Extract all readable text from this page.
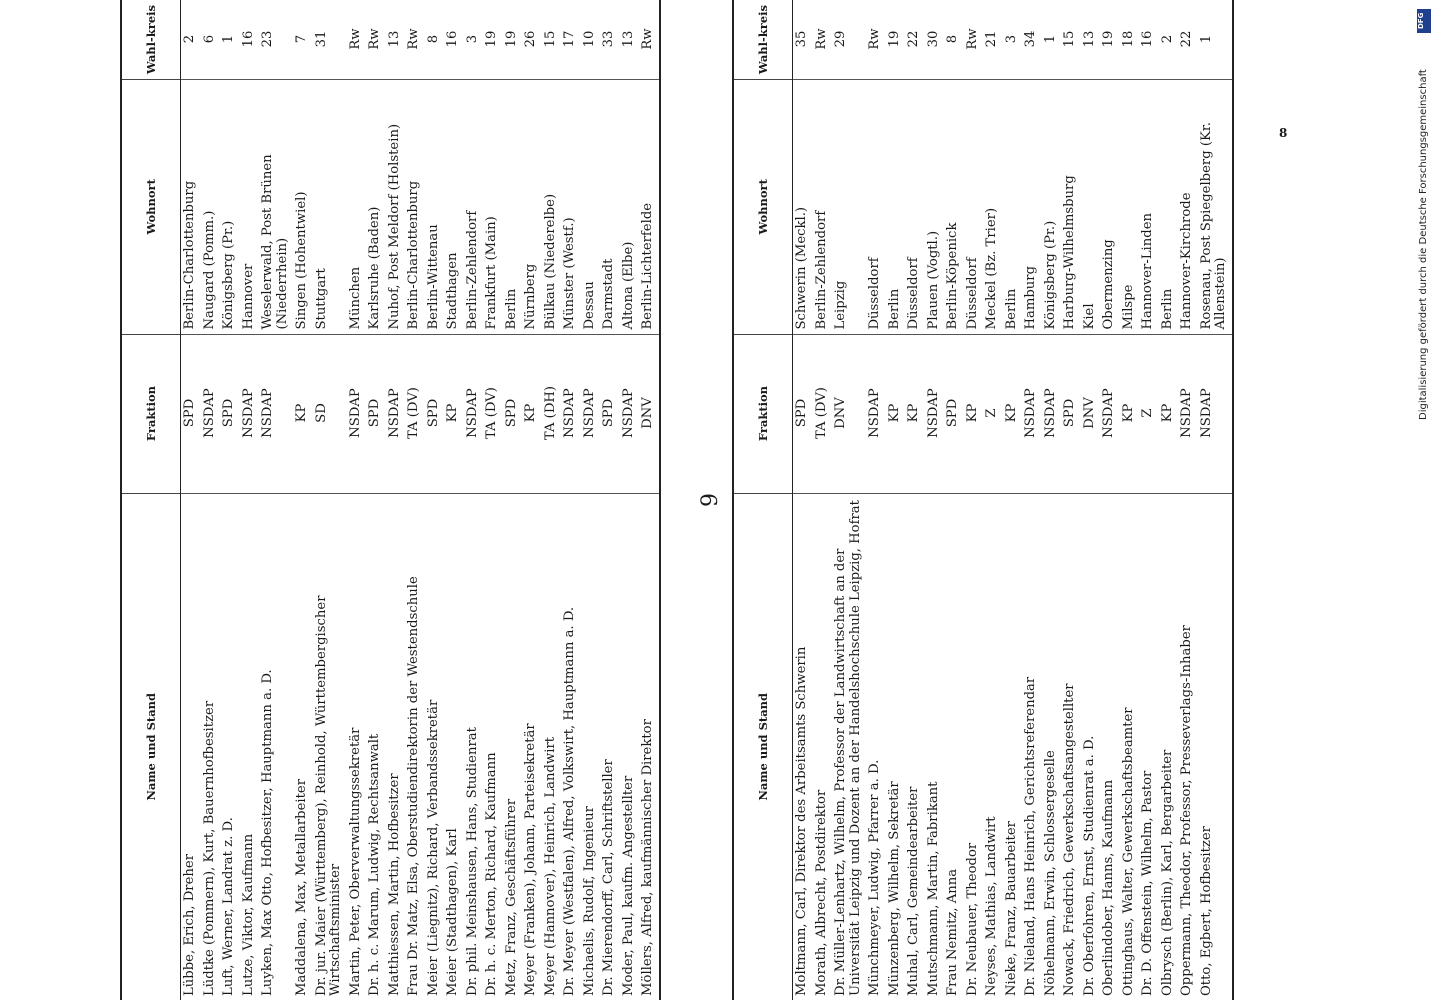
Name und Stand	Fraktion	Wohnort	Wahl-kreis
Lübbe, Erich, Dreher	SPD	Berlin-Charlottenburg	2
Lüdtke (Pommern), Kurt, Bauernhofbesitzer	NSDAP	Naugard (Pomm.)	6
Luft, Werner, Landrat z. D.	SPD	Königsberg (Pr.)	1
Lutze, Viktor, Kaufmann	NSDAP	Hannover	16
Luyken, Max Otto, Hofbesitzer, Hauptmann a. D.	NSDAP	Weselerwald, Post Brünen (Niederrhein)	23
Maddalena, Max, Metallarbeiter	KP	Singen (Hohentwiel)	7
Dr. jur. Maier (Württemberg), Reinhold, Württembergischer Wirtschaftsminister	SD	Stuttgart	31
Martin, Peter, Oberverwaltungssekretär	NSDAP	München	Rw
Dr. h. c. Marum, Ludwig, Rechtsanwalt	SPD	Karlsruhe (Baden)	Rw
Matthiessen, Martin, Hofbesitzer	NSDAP	Nuhof, Post Meldorf (Holstein)	13
Frau Dr. Matz, Elsa, Oberstudiendirektorin der Westendschule	TA (DV)	Berlin-Charlottenburg	Rw
Meier (Liegnitz), Richard, Verbandssekretär	SPD	Berlin-Wittenau	8
Meier (Stadthagen), Karl	KP	Stadthagen	16
Dr. phil. Meinshausen, Hans, Studienrat	NSDAP	Berlin-Zehlendorf	3
Dr. h. c. Merton, Richard, Kaufmann	TA (DV)	Frankfurt (Main)	19
Metz, Franz, Geschäftsführer	SPD	Berlin	19
Meyer (Franken), Johann, Parteisekretär	KP	Nürnberg	26
Meyer (Hannover), Heinrich, Landwirt	TA (DH)	Bülkau (Niederelbe)	15
Dr. Meyer (Westfalen), Alfred, Volkswirt, Hauptmann a. D.	NSDAP	Münster (Westf.)	17
Michaelis, Rudolf, Ingenieur	NSDAP	Dessau	10
Dr. Mierendorff, Carl, Schriftsteller	SPD	Darmstadt	33
Moder, Paul, kaufm. Angestellter	NSDAP	Altona (Elbe)	13
Möllers, Alfred, kaufmännischer Direktor	DNV	Berlin-Lichterfelde	Rw
9
Name und Stand	Fraktion	Wohnort	Wahl-kreis
Moltmann, Carl, Direktor des Arbeitsamts Schwerin	SPD	Schwerin (Meckl.)	35
Morath, Albrecht, Postdirektor	TA (DV)	Berlin-Zehlendorf	Rw
Dr. Müller-Lenhartz, Wilhelm, Professor der Landwirtschaft an der Universität Leipzig und Dozent an der Handelshochschule Leipzig, Hofrat	DNV	Leipzig	29
Münchmeyer, Ludwig, Pfarrer a. D.	NSDAP	Düsseldorf	Rw
Münzenberg, Wilhelm, Sekretär	KP	Berlin	19
Muhal, Carl, Gemeindearbeiter	KP	Düsseldorf	22
Mutschmann, Martin, Fabrikant	NSDAP	Plauen (Vogtl.)	30
Frau Nemitz, Anna	SPD	Berlin-Köpenick	8
Dr. Neubauer, Theodor	KP	Düsseldorf	Rw
Neyses, Mathias, Landwirt	Z	Meckel (Bz. Trier)	21
Nieke, Franz, Bauarbeiter	KP	Berlin	3
Dr. Nieland, Hans Heinrich, Gerichtsreferendar	NSDAP	Hamburg	34
Nöhelmann, Erwin, Schlossergeselle	NSDAP	Königsberg (Pr.)	1
Nowack, Friedrich, Gewerkschaftsangestellter	SPD	Harburg-Wilhelmsburg	15
Dr. Oberfohren, Ernst, Studienrat a. D.	DNV	Kiel	13
Oberlindober, Hanns, Kaufmann	NSDAP	Obermenzing	19
Ottinghaus, Walter, Gewerkschaftsbeamter	KP	Milspe	18
Dr. D. Offenstein, Wilhelm, Pastor	Z	Hannover-Linden	16
Olbrysch (Berlin), Karl, Bergarbeiter	KP	Berlin	2
Oppermann, Theodor, Professor, Presseverlags-Inhaber	NSDAP	Hannover-Kirchrode	22
Otto, Egbert, Hofbesitzer	NSDAP	Rosenau, Post Spiegelberg (Kr. Allenstein)	1
8
DFG
Digitalisierung gefördert durch die Deutsche Forschungsgemeinschaft
